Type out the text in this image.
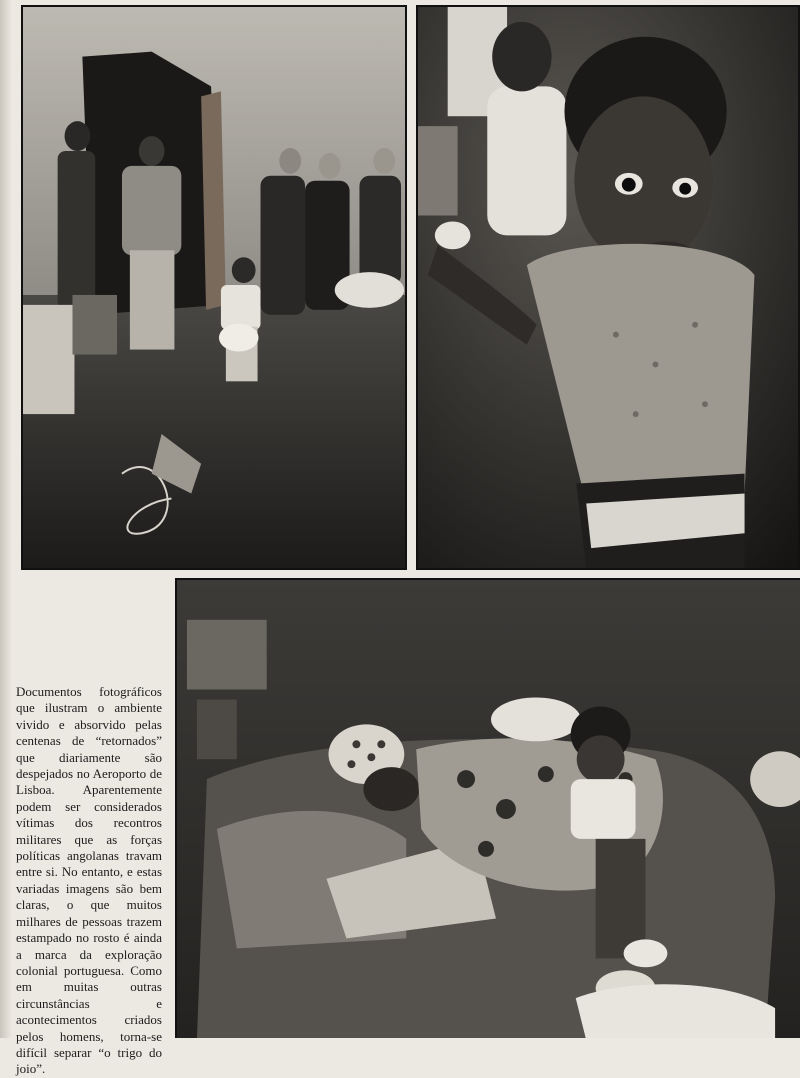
Documentos fotográficos que ilustram o ambiente vivido e absorvido pelas centenas de “retornados” que diariamente são despejados no Aeroporto de Lisboa. Aparentemente podem ser considerados vítimas dos recontros militares que as forças políticas angolanas travam entre si. No entanto, e estas variadas imagens são bem claras, o que muitos milhares de pessoas trazem estampado no rosto é ainda a marca da exploração colonial portuguesa. Como em muitas outras circunstâncias e acontecimentos criados pelos homens, torna-se difícil separar “o trigo do joio”.
